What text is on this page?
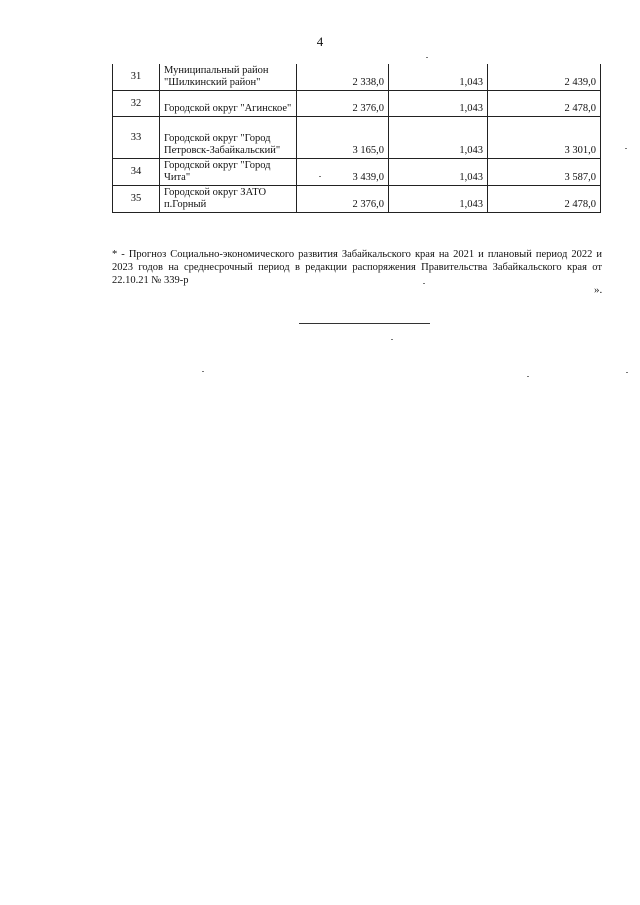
4
31	Муниципальный район "Шилкинский район"	2 338,0	1,043	2 439,0
32	Городской округ "Агинское"	2 376,0	1,043	2 478,0
33	Городской округ "Город Петровск-Забайкальский"	3 165,0	1,043	3 301,0
34	Городской округ "Город Чита"	3 439,0	1,043	3 587,0
35	Городской округ ЗАТО п.Горный	2 376,0	1,043	2 478,0
* - Прогноз Социально-экономического развития Забайкальского края на 2021 и плановый период 2022 и 2023 годов на среднесрочный период в редакции распоряжения Правительства Забайкальского края от 22.10.21 № 339-р
».
